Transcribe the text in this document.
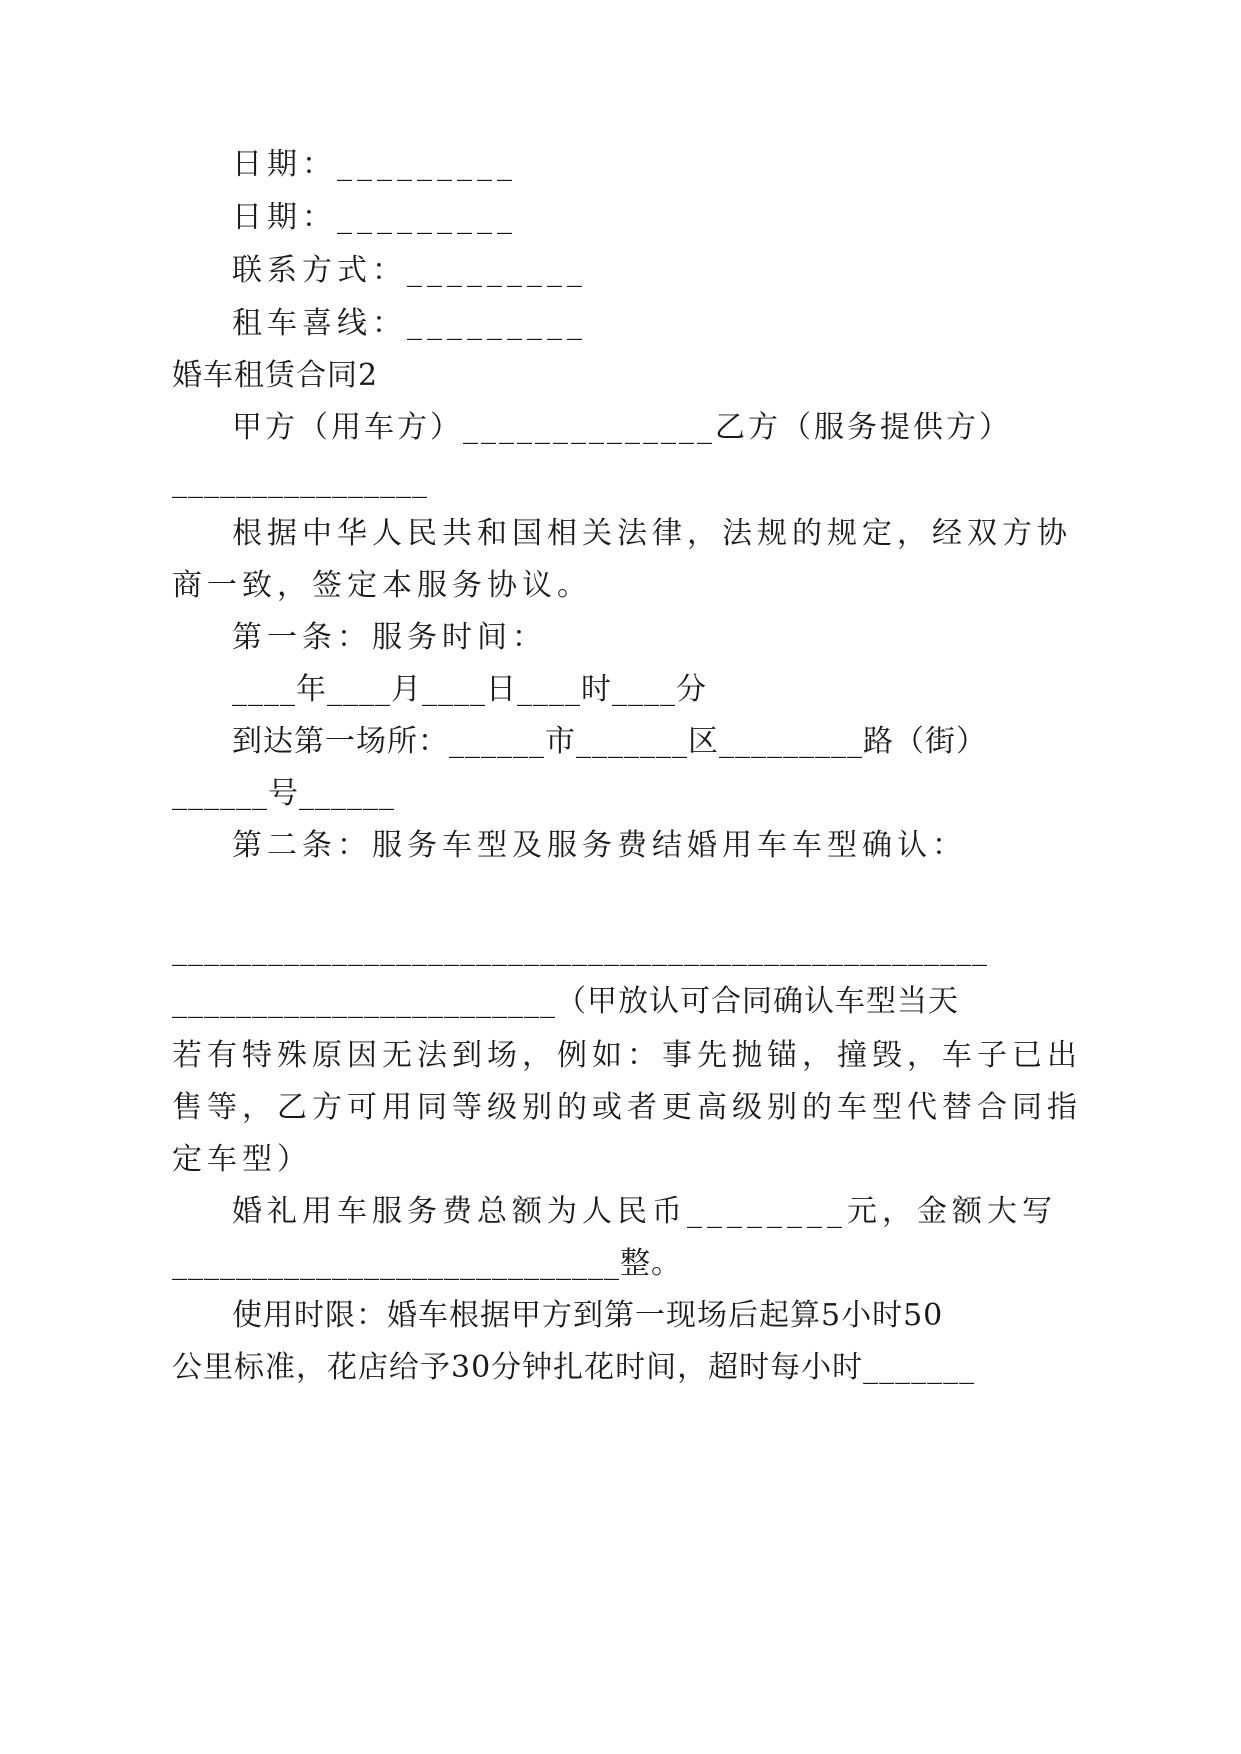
日期：_________
日期：_________
联系方式：_________
租车喜线：_________
婚车租赁合同2
甲方（用车方）______________乙方（服务提供方）
________________
根据中华人民共和国相关法律，法规的规定，经双方协
商一致，签定本服务协议。
第一条：服务时间：
____年____月____日____时____分
到达第一场所：______市_______区_________路（街）
______号______
第二条：服务车型及服务费结婚用车车型确认：
___________________________________________________
________________________（甲放认可合同确认车型当天
若有特殊原因无法到场，例如：事先抛锚，撞毁，车子已出
售等，乙方可用同等级别的或者更高级别的车型代替合同指
定车型）
婚礼用车服务费总额为人民币________元，金额大写
____________________________整。
使用时限：婚车根据甲方到第一现场后起算5小时50
公里标准，花店给予30分钟扎花时间，超时每小时_______
